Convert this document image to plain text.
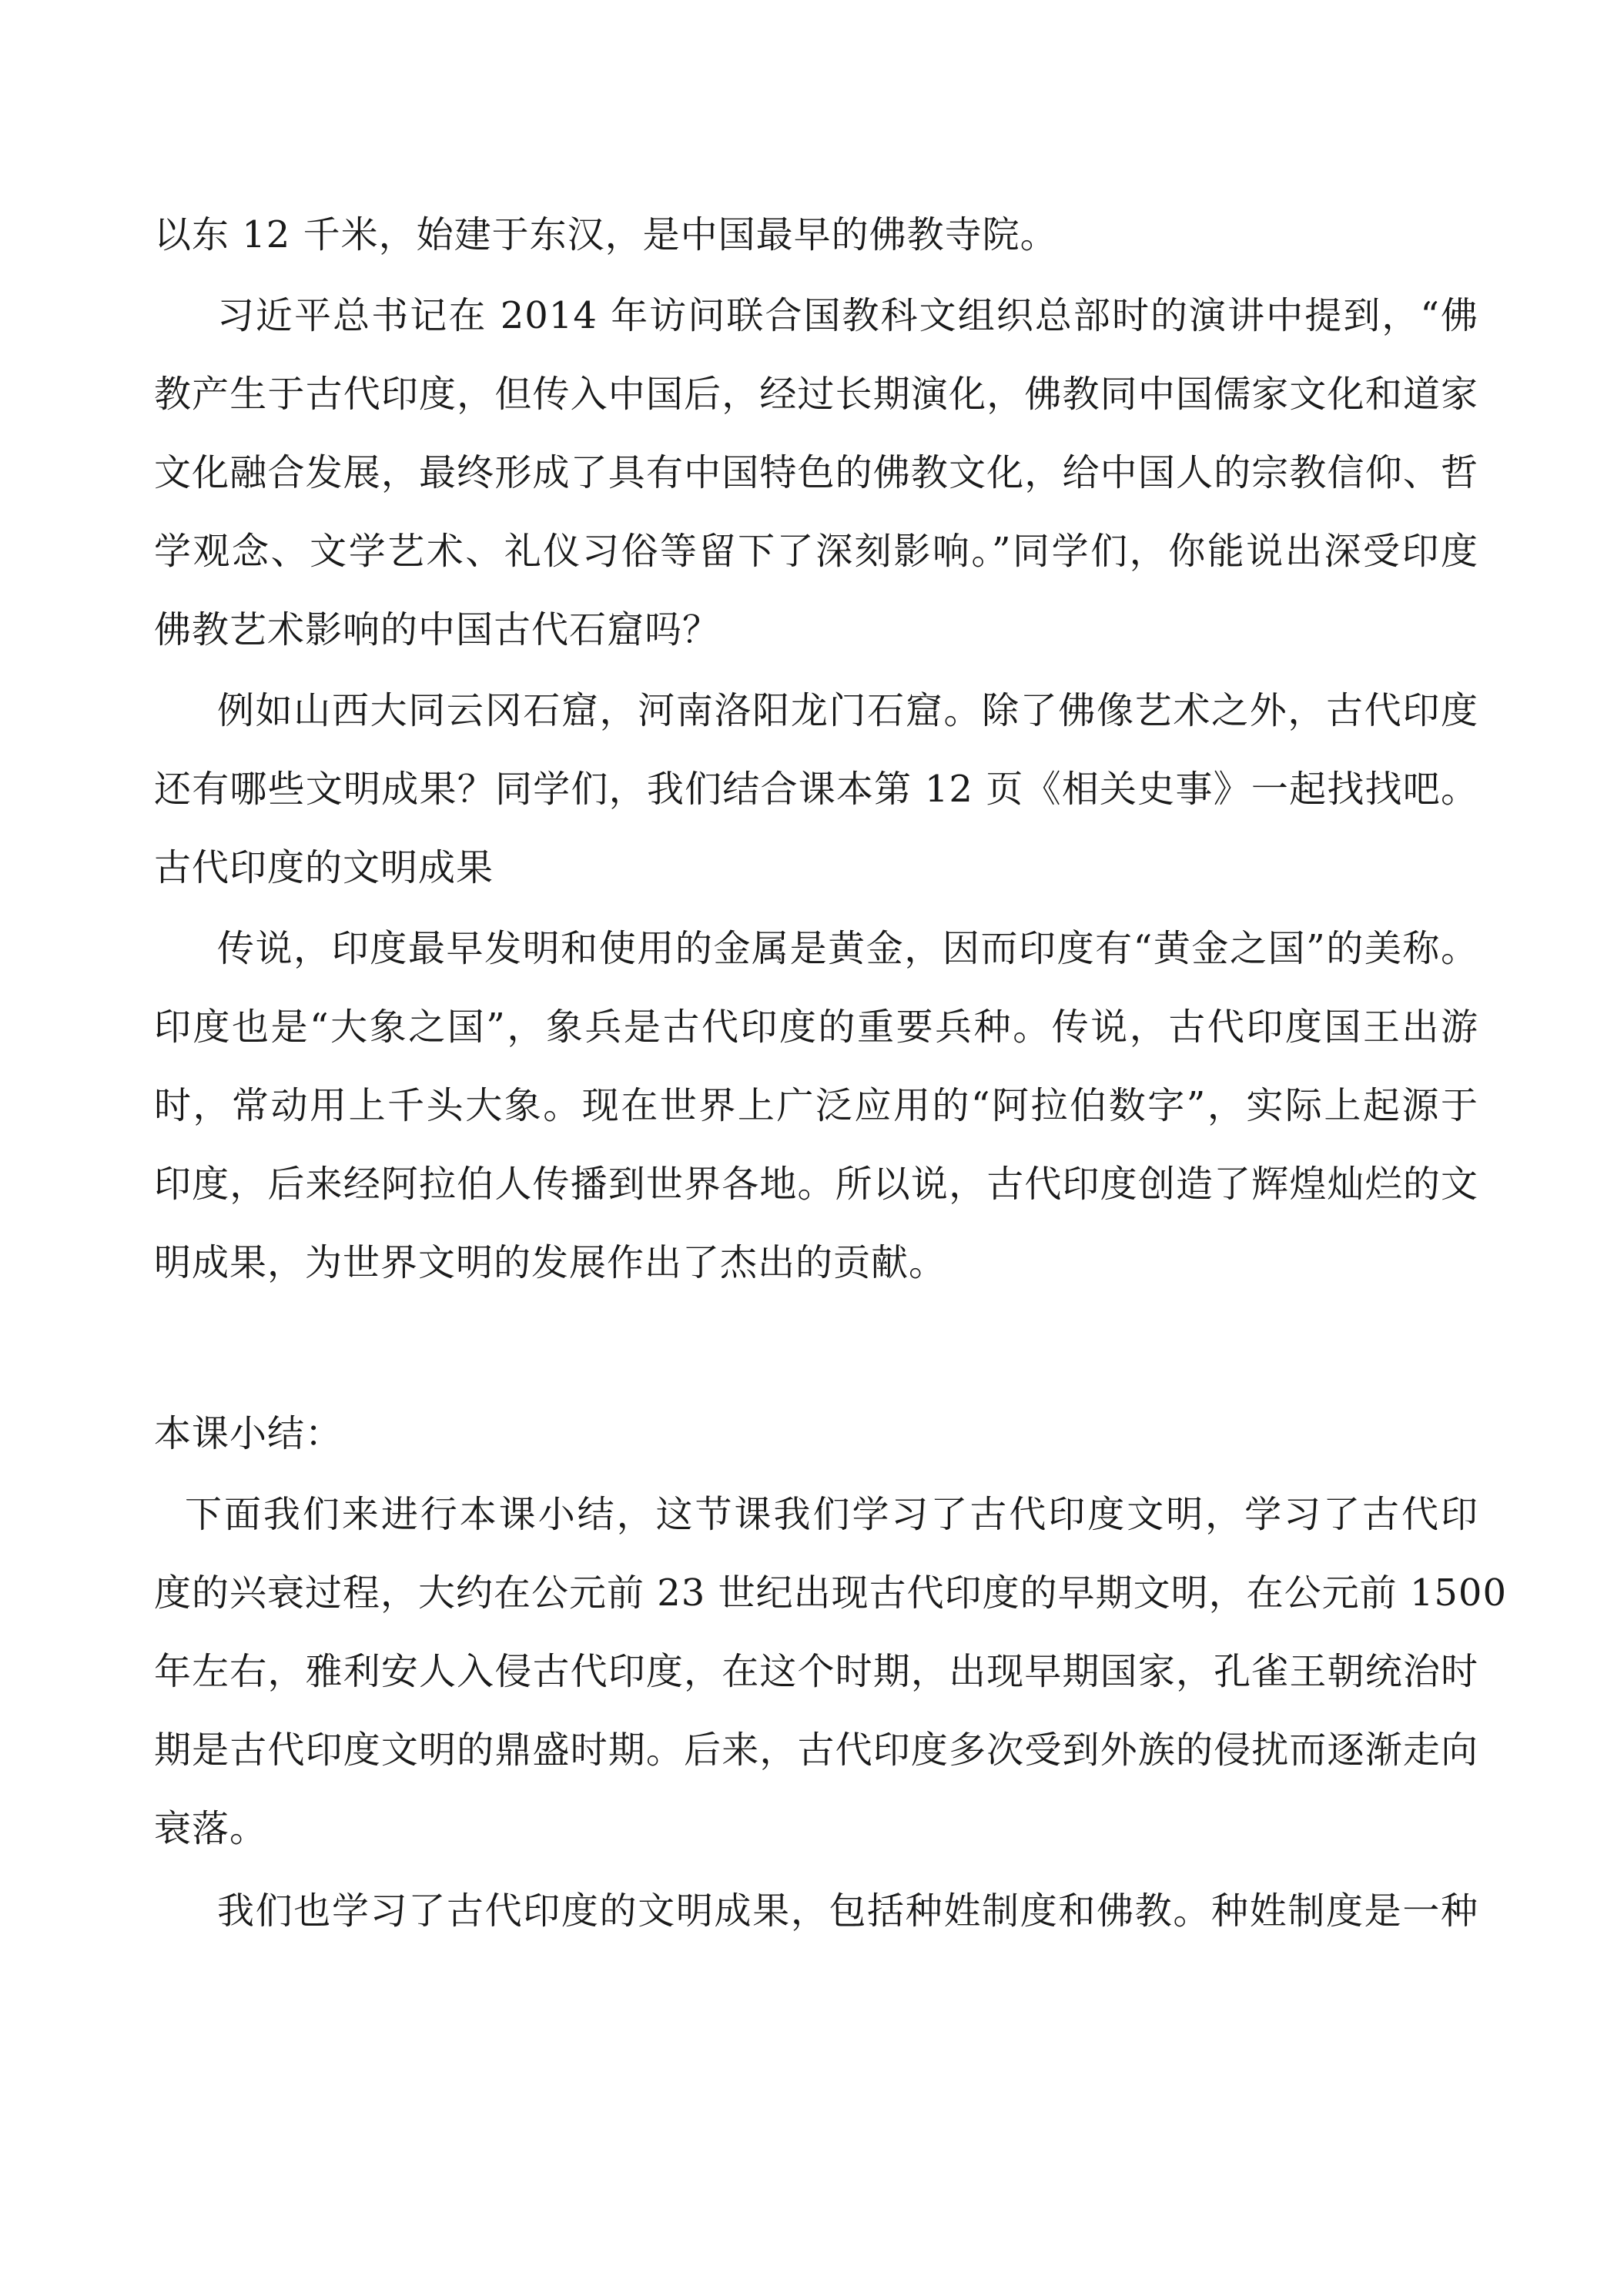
以东 12 千米，始建于东汉，是中国最早的佛教寺院。
习近平总书记在 2014 年访问联合国教科文组织总部时的演讲中提到，“佛
教产生于古代印度，但传入中国后，经过长期演化，佛教同中国儒家文化和道家
文化融合发展，最终形成了具有中国特色的佛教文化，给中国人的宗教信仰、哲
学观念、文学艺术、礼仪习俗等留下了深刻影响。”同学们，你能说出深受印度
佛教艺术影响的中国古代石窟吗？
例如山西大同云冈石窟，河南洛阳龙门石窟。除了佛像艺术之外，古代印度
还有哪些文明成果？同学们，我们结合课本第 12 页《相关史事》一起找找吧。
古代印度的文明成果
传说，印度最早发明和使用的金属是黄金，因而印度有“黄金之国”的美称。
印度也是“大象之国”，象兵是古代印度的重要兵种。传说，古代印度国王出游
时，常动用上千头大象。现在世界上广泛应用的“阿拉伯数字”，实际上起源于
印度，后来经阿拉伯人传播到世界各地。所以说，古代印度创造了辉煌灿烂的文
明成果，为世界文明的发展作出了杰出的贡献。
本课小结：
下面我们来进行本课小结，这节课我们学习了古代印度文明，学习了古代印
度的兴衰过程，大约在公元前 23 世纪出现古代印度的早期文明，在公元前 1500
年左右，雅利安人入侵古代印度，在这个时期，出现早期国家，孔雀王朝统治时
期是古代印度文明的鼎盛时期。后来，古代印度多次受到外族的侵扰而逐渐走向
衰落。
我们也学习了古代印度的文明成果，包括种姓制度和佛教。种姓制度是一种
